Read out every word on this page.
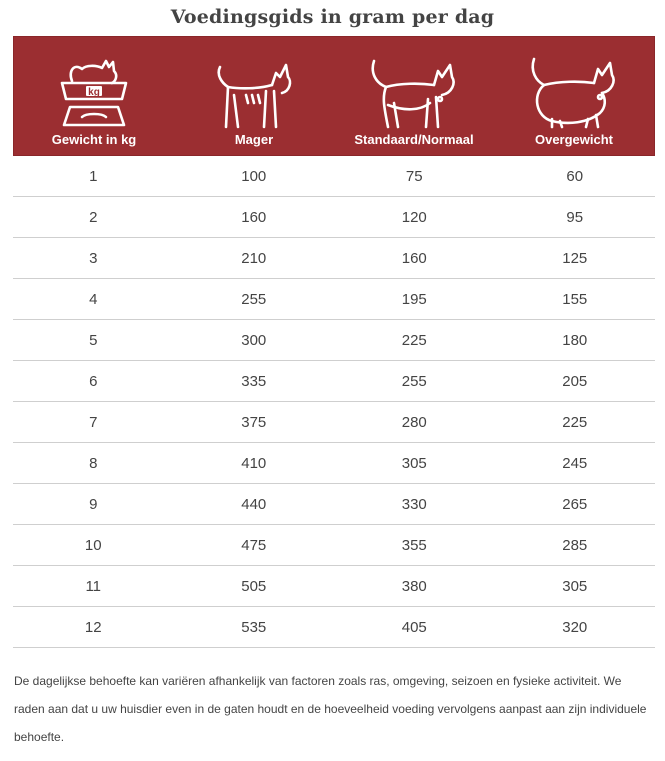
Voedingsgids in gram per dag
kg
Gewicht in kg	Mager	Standaard/Normaal	Overgewicht
1	100	75	60
2	160	120	95
3	210	160	125
4	255	195	155
5	300	225	180
6	335	255	205
7	375	280	225
8	410	305	245
9	440	330	265
10	475	355	285
11	505	380	305
12	535	405	320
De dagelijkse behoefte kan variëren afhankelijk van factoren zoals ras, omgeving, seizoen en fysieke activiteit. We raden aan dat u uw huisdier even in de gaten houdt en de hoeveelheid voeding vervolgens aanpast aan zijn individuele behoefte.
